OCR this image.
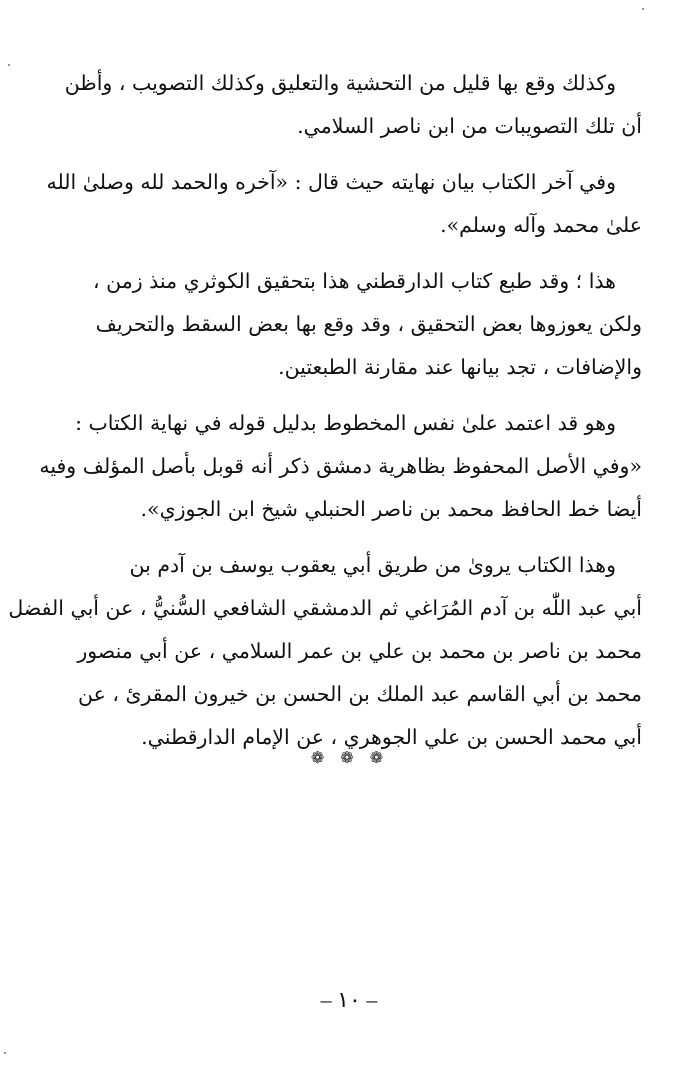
وكذلك وقع بها قليل من التحشية والتعليق وكذلك التصويب ، وأظن
أن تلك التصويبات من ابن ناصر السلامي.

وفي آخر الكتاب بيان نهايته حيث قال : «آخره والحمد لله وصلىٰ الله
علىٰ محمد وآله وسلم».

هذا ؛ وقد طبع كتاب الدارقطني هذا بتحقيق الكوثري منذ زمن ،
ولكن يعوزوها بعض التحقيق ، وقد وقع بها بعض السقط والتحريف
والإضافات ، تجد بيانها عند مقارنة الطبعتين.

وهو قد اعتمد علىٰ نفس المخطوط بدليل قوله في نهاية الكتاب :
«وفي الأصل المحفوظ بظاهرية دمشق ذكر أنه قوبل بأصل المؤلف وفيه
أيضا خط الحافظ محمد بن ناصر الحنبلي شيخ ابن الجوزي».

وهذا الكتاب يروىٰ من طريق أبي يعقوب يوسف بن آدم بن
أبي عبد اللّٰه بن آدم المُرَاغي ثم الدمشقي الشافعي السُّنيُّ ، عن أبي الفضل
محمد بن ناصر بن محمد بن علي بن عمر السلامي ، عن أبي منصور
محمد بن أبي القاسم عبد الملك بن الحسن بن خيرون المقرئ ، عن
أبي محمد الحسن بن علي الجوهري ، عن الإمام الدارقطني.

❁ ❁ ❁
– ١٠ –
